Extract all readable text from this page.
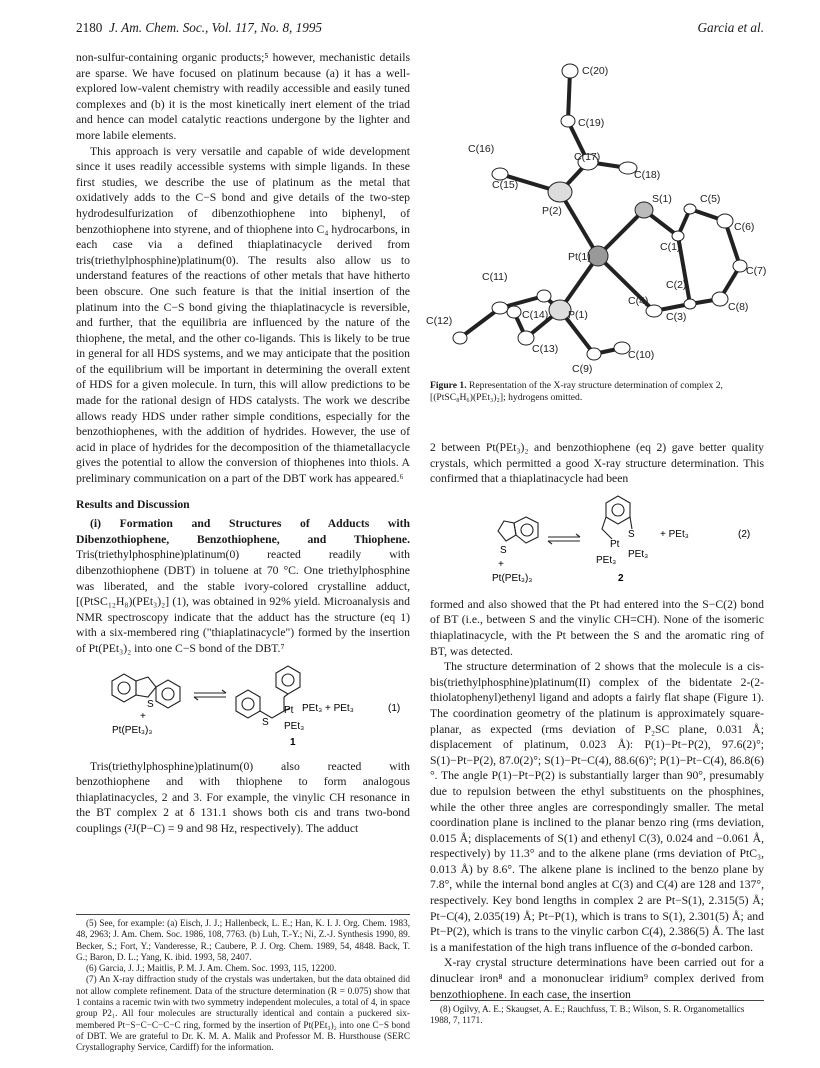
2180 J. Am. Chem. Soc., Vol. 117, No. 8, 1995	Garcia et al.

non-sulfur-containing organic products;⁵ however, mechanistic details are sparse. We have focused on platinum because (a) it has a well-explored low-valent chemistry with readily accessible and easily tuned complexes and (b) it is the most kinetically inert element of the triad and hence can model catalytic reactions undergone by the lighter and more labile elements.

This approach is very versatile and capable of wide development since it uses readily accessible systems with simple ligands. In these first studies, we describe the use of platinum as the metal that oxidatively adds to the C−S bond and give details of the two-step hydrodesulfurization of dibenzothiophene into biphenyl, of benzothiophene into styrene, and of thiophene into C₄ hydrocarbons, in each case via a defined thiaplatinacycle derived from tris(triethylphosphine)platinum(0). The results also allow us to understand features of the reactions of other metals that have hitherto been obscure. One such feature is that the initial insertion of the platinum into the C−S bond giving the thiaplatinacycle is reversible, and further, that the equilibria are influenced by the nature of the thiophene, the metal, and the other co-ligands. This is likely to be true in general for all HDS systems, and we may anticipate that the position of the equilibrium will be important in determining the overall extent of HDS for a given molecule. In turn, this will allow predictions to be made for the rational design of HDS catalysts. The work we describe allows ready HDS under rather simple conditions, especially for the benzothiophenes, with the addition of hydrides. However, the use of acid in place of hydrides for the decomposition of the thiametallacycle gives the potential to allow the conversion of thiophenes into thiols. A preliminary communication on a part of the DBT work has appeared.⁶

Results and Discussion

(i) Formation and Structures of Adducts with Dibenzothiophene, Benzothiophene, and Thiophene. Tris(triethylphosphine)platinum(0) reacted readily with dibenzothiophene (DBT) in toluene at 70 °C. One triethylphosphine was liberated, and the stable ivory-colored crystalline adduct, [(PtSC₁₂H₈)(PEt₃)₂] (1), was obtained in 92% yield. Microanalysis and NMR spectroscopy indicate that the adduct has the structure (eq 1) with a six-membered ring ("thiaplatinacycle") formed by the insertion of Pt(PEt₃)₂ into one C−S bond of the DBT.⁷

S
+
Pt(PEt₃)₃
S
Pt PEt₃ + PEt₃
PEt₃
1
(1)

Tris(triethylphosphine)platinum(0) also reacted with benzothiophene and with thiophene to form analogous thiaplatinacycles, 2 and 3. For example, the vinylic CH resonance in the BT complex 2 at δ 131.1 shows both cis and trans two-bond couplings (²J(P−C) = 9 and 98 Hz, respectively). The adduct

(5) See, for example: (a) Eisch, J. J.; Hallenbeck, L. E.; Han, K. I. J. Org. Chem. 1983, 48, 2963; J. Am. Chem. Soc. 1986, 108, 7763. (b) Luh, T.-Y.; Ni, Z.-J. Synthesis 1990, 89. Becker, S.; Fort, Y.; Vanderesse, R.; Caubere, P. J. Org. Chem. 1989, 54, 4848. Back, T. G.; Baron, D. L.; Yang, K. ibid. 1993, 58, 2407.

(6) Garcia, J. J.; Maitlis, P. M. J. Am. Chem. Soc. 1993, 115, 12200.

(7) An X-ray diffraction study of the crystals was undertaken, but the data obtained did not allow complete refinement. Data of the structure determination (R = 0.075) show that 1 contains a racemic twin with two symmetry independent molecules, a total of 4, in space group P2₁. All four molecules are structurally identical and contain a puckered six-membered Pt−S−C−C−C−C ring, formed by the insertion of Pt(PEt₃)₂ into one C−S bond of DBT. We are grateful to Dr. K. M. A. Malik and Professor M. B. Hursthouse (SERC Crystallography Service, Cardiff) for the information.

C(20)
C(19)
C(16)
C(17)
C(18)
C(15)
P(2)
S(1)	C(5)
C(6)
C(1)
Pt(1)
C(7)
C(11)
C(2)
C(8)
C(4)
C(12)	C(14) P(1)	C(3)
C(13)	C(10)
C(9)
Figure 1. Representation of the X-ray structure determination of complex 2, [(PtSC₈H₆)(PEt₃)₂]; hydrogens omitted.

2 between Pt(PEt₃)₂ and benzothiophene (eq 2) gave better quality crystals, which permitted a good X-ray structure determination. This confirmed that a thiaplatinacycle had been

S
+
Pt(PEt₃)₃
S
Pt
PEt₃
PEt₃
+ PEt₃
2
(2)

formed and also showed that the Pt had entered into the S−C(2) bond of BT (i.e., between S and the vinylic CH=CH). None of the isomeric thiaplatinacycle, with the Pt between the S and the aromatic ring of BT, was detected.

The structure determination of 2 shows that the molecule is a cis-bis(triethylphosphine)platinum(II) complex of the bidentate 2-(2-thiolatophenyl)ethenyl ligand and adopts a fairly flat shape (Figure 1). The coordination geometry of the platinum is approximately square-planar, as expected (rms deviation of P₂SC plane, 0.031 Å; displacement of platinum, 0.023 Å): P(1)−Pt−P(2), 97.6(2)°; S(1)−Pt−P(2), 87.0(2)°; S(1)−Pt−C(4), 88.6(6)°; P(1)−Pt−C(4), 86.8(6)°. The angle P(1)−Pt−P(2) is substantially larger than 90°, presumably due to repulsion between the ethyl substituents on the phosphines, while the other three angles are correspondingly smaller. The metal coordination plane is inclined to the planar benzo ring (rms deviation, 0.015 Å; displacements of S(1) and ethenyl C(3), 0.024 and −0.061 Å, respectively) by 11.3° and to the alkene plane (rms deviation of PtC₃, 0.013 Å) by 8.6°. The alkene plane is inclined to the benzo plane by 7.8°, while the internal bond angles at C(3) and C(4) are 128 and 137°, respectively. Key bond lengths in complex 2 are Pt−S(1), 2.315(5) Å; Pt−C(4), 2.035(19) Å; Pt−P(1), which is trans to S(1), 2.301(5) Å; and Pt−P(2), which is trans to the vinylic carbon C(4), 2.386(5) Å. The last is a manifestation of the high trans influence of the σ-bonded carbon.

X-ray crystal structure determinations have been carried out for a dinuclear iron⁸ and a mononuclear iridium⁹ complex derived from benzothiophene. In each case, the insertion

(8) Ogilvy, A. E.; Skaugset, A. E.; Rauchfuss, T. B.; Wilson, S. R. Organometallics 1988, 7, 1171.
